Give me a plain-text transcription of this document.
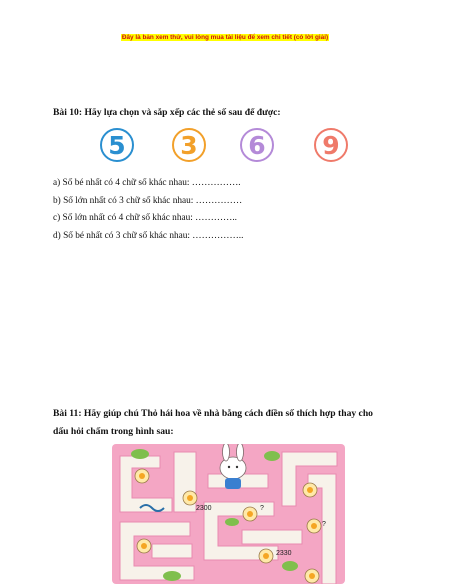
Đây là bản xem thử, vui lòng mua tài liệu để xem chi tiết (có lời giải)
Bài 10: Hãy lựa chọn và sắp xếp các thẻ số sau để được:
5	3	6	9
a) Số bé nhất có 4 chữ số khác nhau: …………….
b) Số lớn nhất có 3 chữ số khác nhau: ……………
c) Số lớn nhất có 4 chữ số khác nhau: …………..
d) Số bé nhất có 3 chữ số khác nhau: ……………..
Bài 11: Hãy giúp chú Thỏ hái hoa về nhà bằng cách điền số thích hợp thay cho
dấu hỏi chấm trong hình sau:
2300	?
?
2330
